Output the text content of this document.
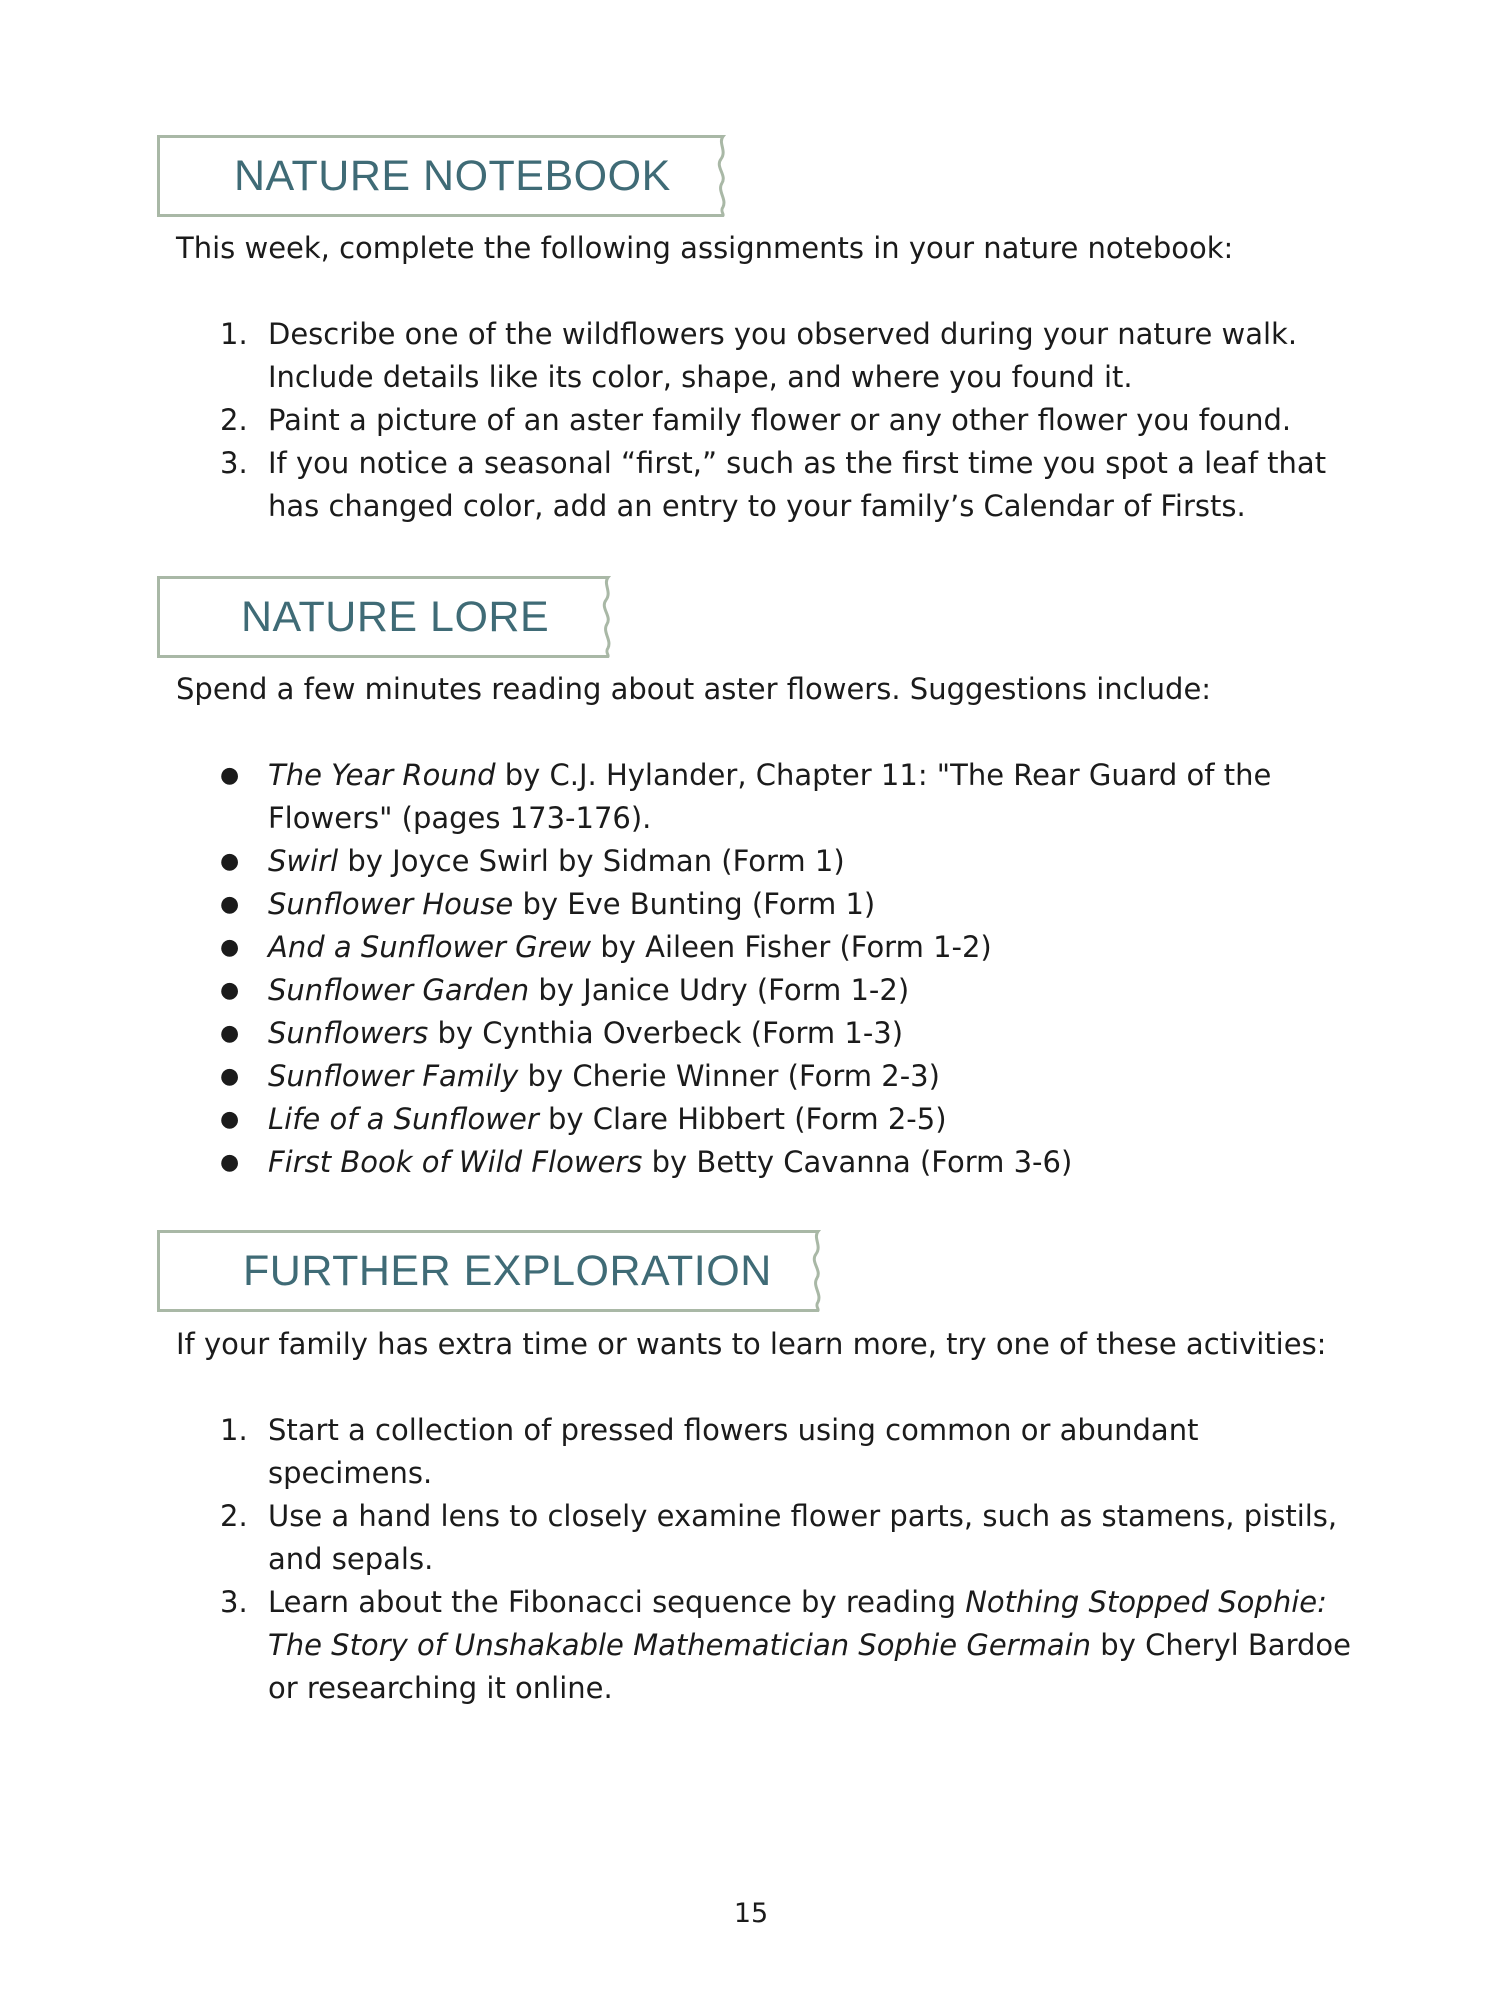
NATURE NOTEBOOK
This week, complete the following assignments in your nature notebook:
1. Describe one of the wildflowers you observed during your nature walk. Include details like its color, shape, and where you found it.
2. Paint a picture of an aster family flower or any other flower you found.
3. If you notice a seasonal “first,” such as the first time you spot a leaf that has changed color, add an entry to your family’s Calendar of Firsts.
NATURE LORE
Spend a few minutes reading about aster flowers. Suggestions include:
● The Year Round by C.J. Hylander, Chapter 11: "The Rear Guard of the Flowers" (pages 173-176).
● Swirl by Joyce Swirl by Sidman (Form 1)
● Sunflower House by Eve Bunting (Form 1)
● And a Sunflower Grew by Aileen Fisher (Form 1-2)
● Sunflower Garden by Janice Udry (Form 1-2)
● Sunflowers by Cynthia Overbeck (Form 1-3)
● Sunflower Family by Cherie Winner (Form 2-3)
● Life of a Sunflower by Clare Hibbert (Form 2-5)
● First Book of Wild Flowers by Betty Cavanna (Form 3-6)
FURTHER EXPLORATION
If your family has extra time or wants to learn more, try one of these activities:
1. Start a collection of pressed flowers using common or abundant specimens.
2. Use a hand lens to closely examine flower parts, such as stamens, pistils, and sepals.
3. Learn about the Fibonacci sequence by reading Nothing Stopped Sophie: The Story of Unshakable Mathematician Sophie Germain by Cheryl Bardoe or researching it online.
15
